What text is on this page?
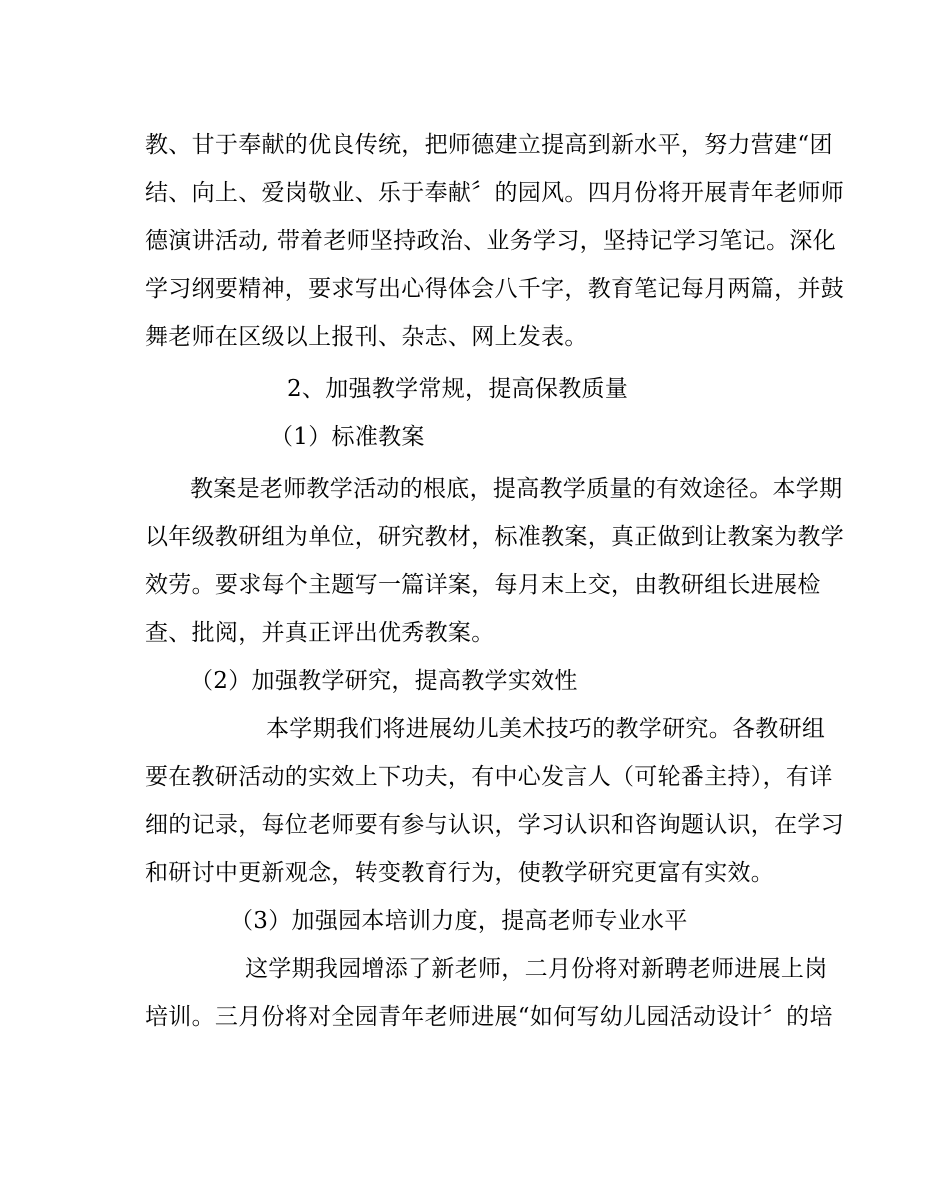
教、甘于奉献的优良传统，把师德建立提高到新水平，努力营建“团
结、向上、爱岗敬业、乐于奉献〞的园风。四月份将开展青年老师师
德演讲活动, 带着老师坚持政治、业务学习，坚持记学习笔记。深化
学习纲要精神，要求写出心得体会八千字，教育笔记每月两篇，并鼓
舞老师在区级以上报刊、杂志、网上发表。
2、加强教学常规，提高保教质量
（1）标准教案
教案是老师教学活动的根底，提高教学质量的有效途径。本学期
以年级教研组为单位，研究教材，标准教案，真正做到让教案为教学
效劳。要求每个主题写一篇详案，每月末上交，由教研组长进展检
查、批阅，并真正评出优秀教案。
（2）加强教学研究，提高教学实效性
本学期我们将进展幼儿美术技巧的教学研究。各教研组
要在教研活动的实效上下功夫，有中心发言人（可轮番主持），有详
细的记录，每位老师要有参与认识，学习认识和咨询题认识，在学习
和研讨中更新观念，转变教育行为，使教学研究更富有实效。
（3）加强园本培训力度，提高老师专业水平
这学期我园增添了新老师，二月份将对新聘老师进展上岗
培训。三月份将对全园青年老师进展“如何写幼儿园活动设计〞的培
